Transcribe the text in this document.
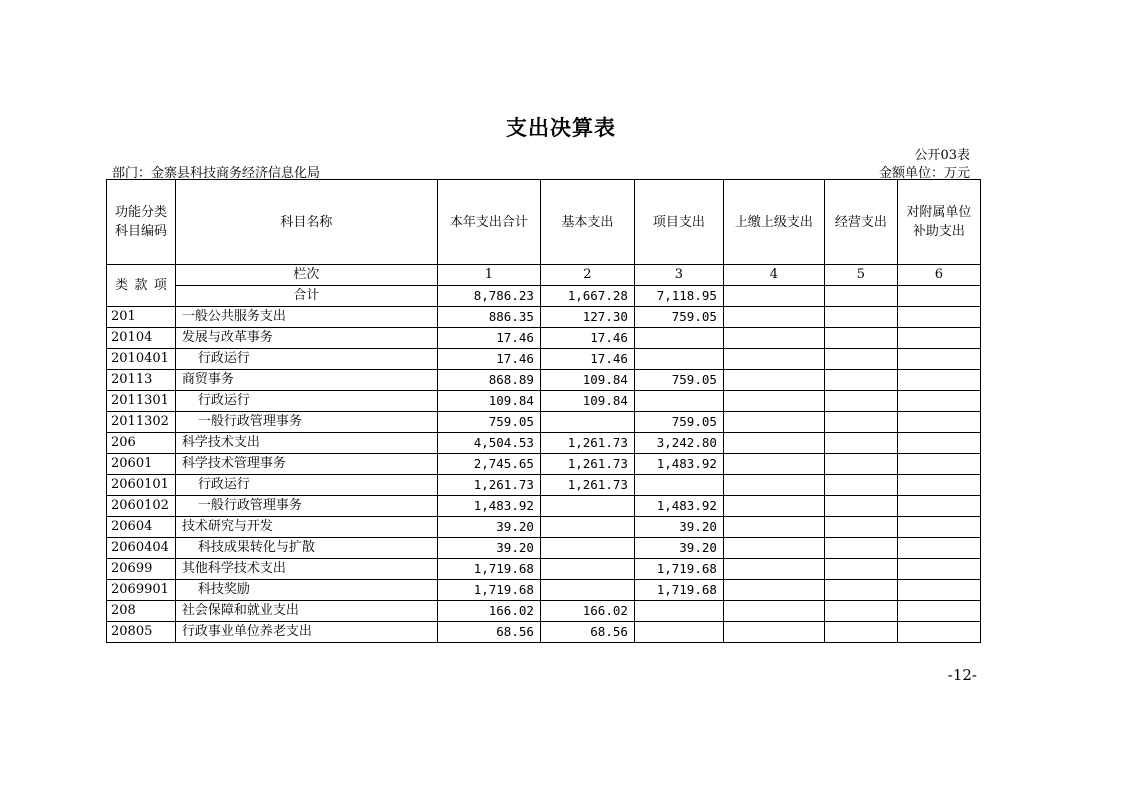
支出决算表
公开03表
部门：金寨县科技商务经济信息化局	金额单位：万元
功能分类科目编码	科目名称	本年支出合计	基本支出	项目支出	上缴上级支出	经营支出	对附属单位补助支出

类 款 项	栏次	1	2	3	4	5	6
	合计	8,786.23	1,667.28	7,118.95			
201	一般公共服务支出	886.35	127.30	759.05			
20104	发展与改革事务	17.46	17.46				
2010401	行政运行	17.46	17.46				
20113	商贸事务	868.89	109.84	759.05			
2011301	行政运行	109.84	109.84				
2011302	一般行政管理事务	759.05		759.05			
206	科学技术支出	4,504.53	1,261.73	3,242.80			
20601	科学技术管理事务	2,745.65	1,261.73	1,483.92			
2060101	行政运行	1,261.73	1,261.73				
2060102	一般行政管理事务	1,483.92		1,483.92			
20604	技术研究与开发	39.20		39.20			
2060404	科技成果转化与扩散	39.20		39.20			
20699	其他科学技术支出	1,719.68		1,719.68			
2069901	科技奖励	1,719.68		1,719.68			
208	社会保障和就业支出	166.02	166.02				
20805	行政事业单位养老支出	68.56	68.56				
-12-
